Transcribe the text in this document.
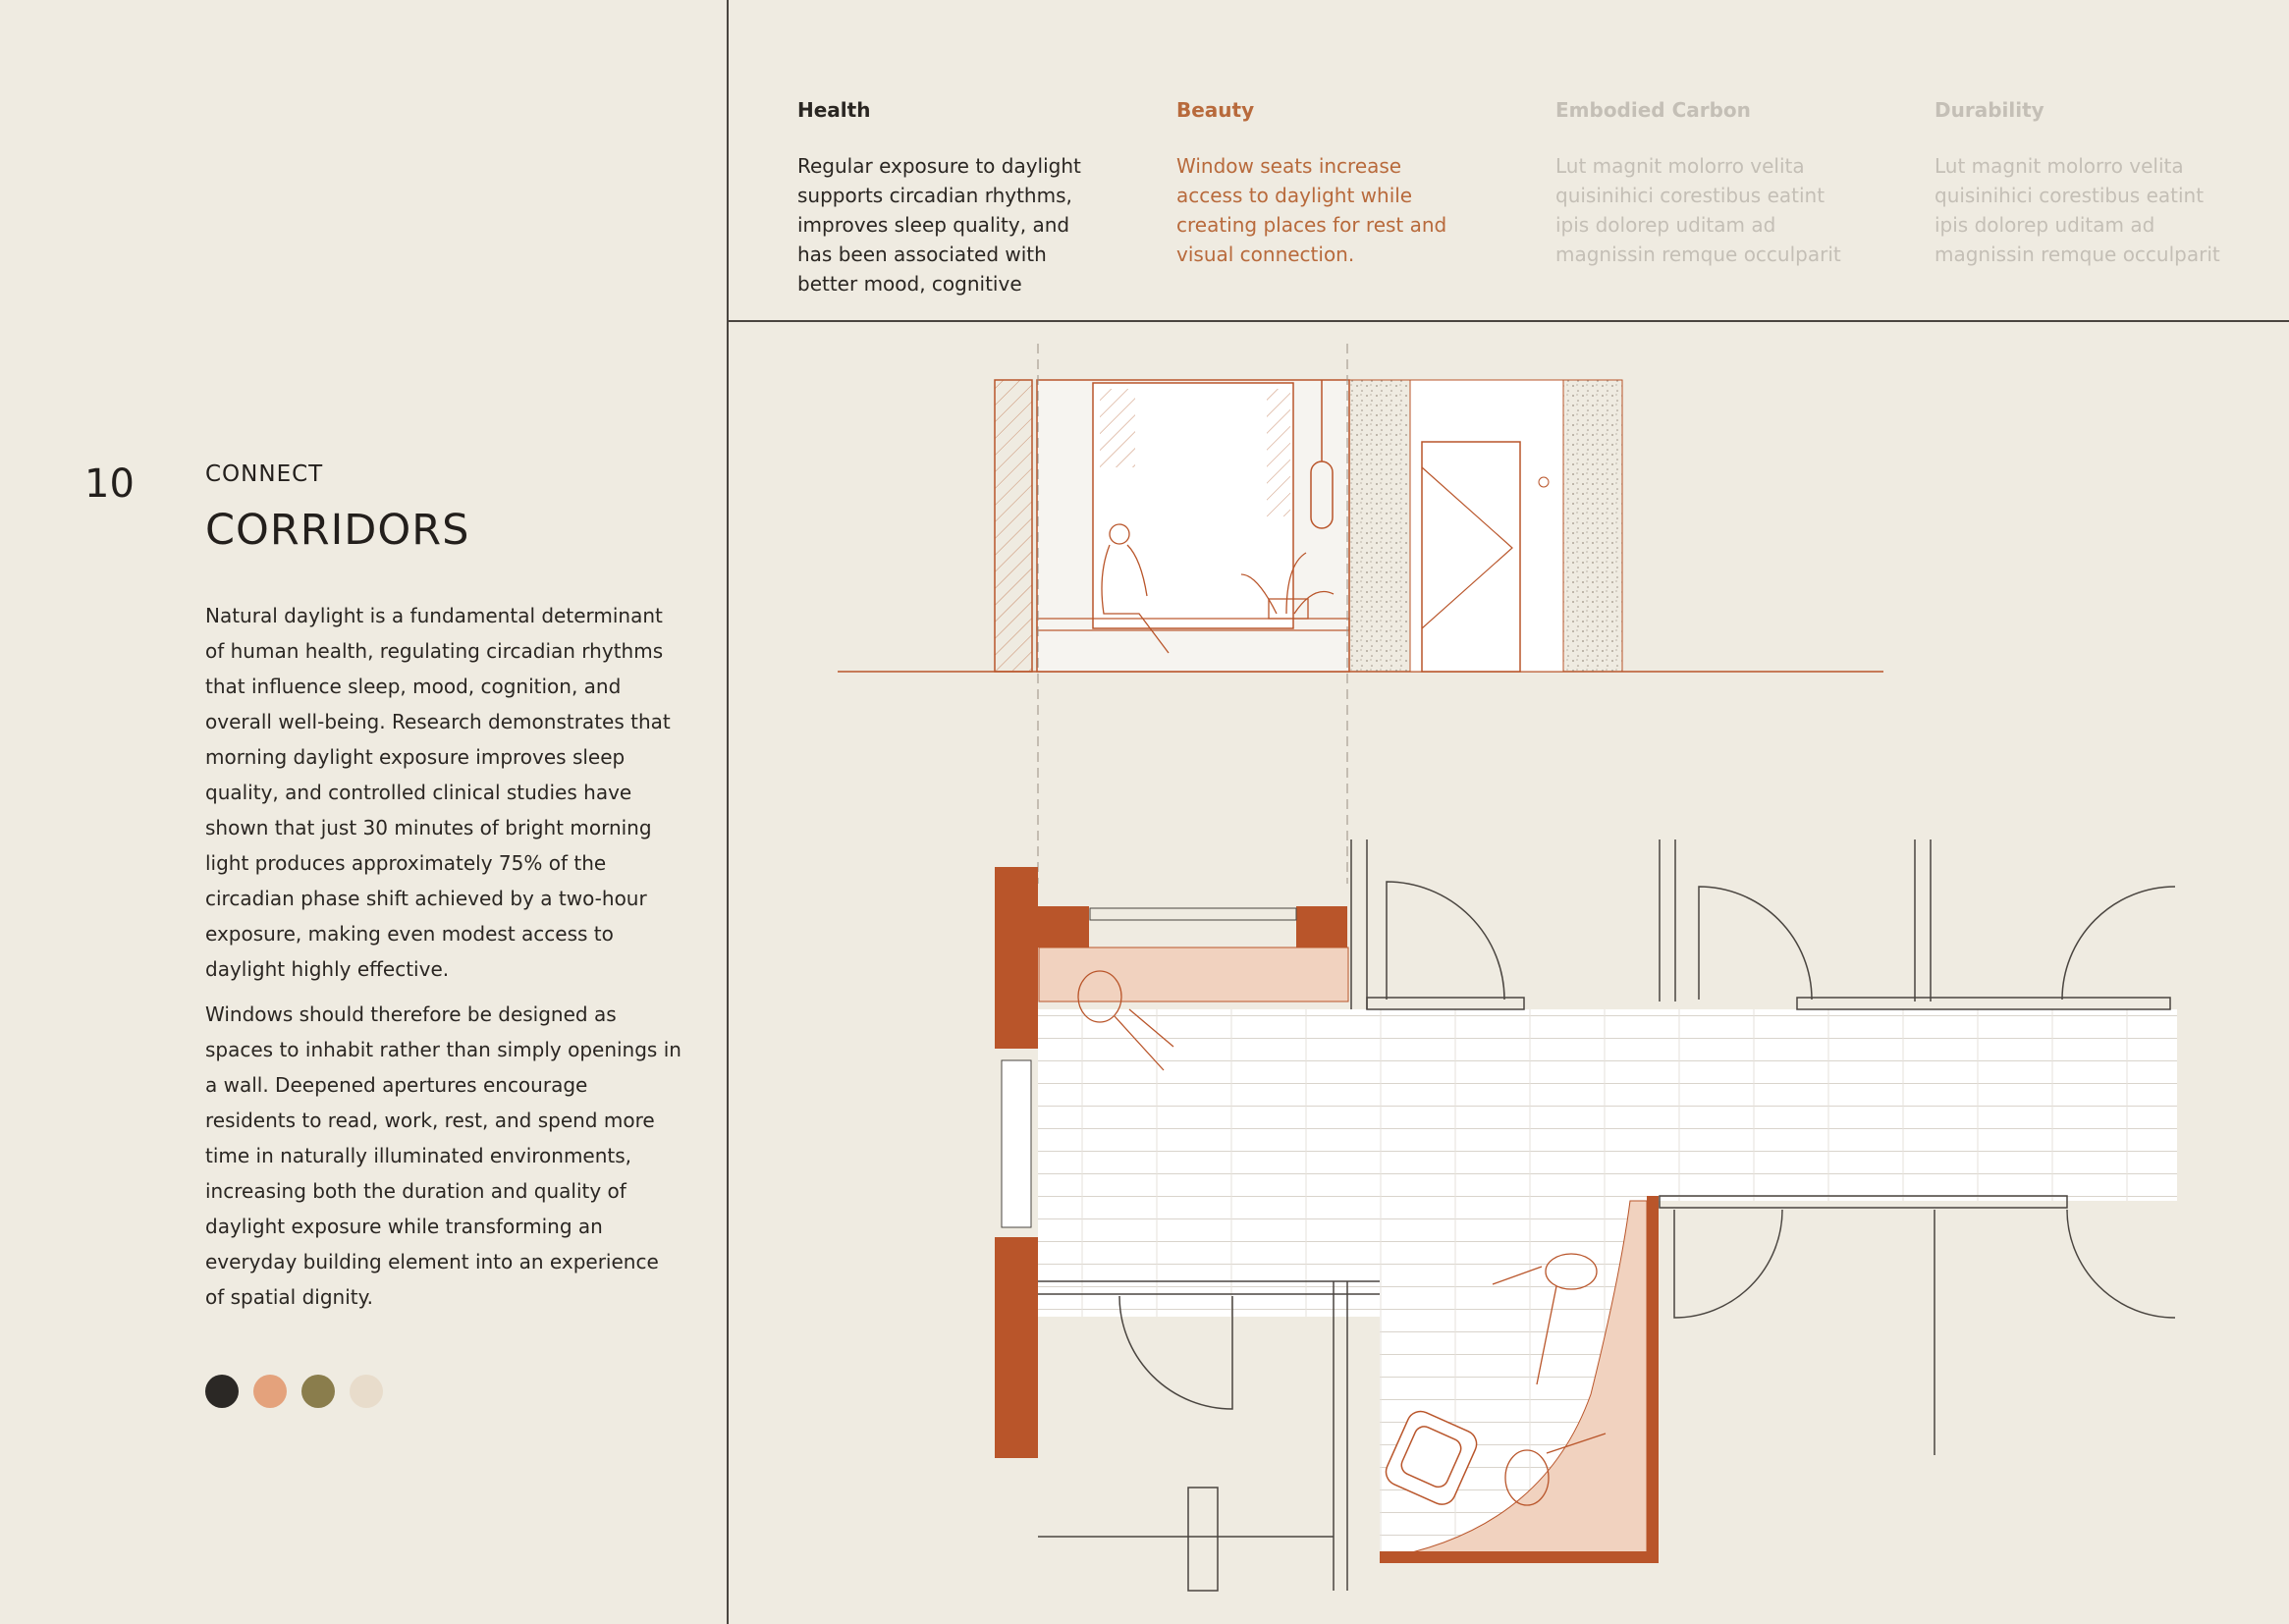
10	CONNECT
CORRIDORS

Natural daylight is a fundamental determinant of human health, regulating circadian rhythms that influence sleep, mood, cognition, and overall well-being. Research demonstrates that morning daylight exposure improves sleep quality, and controlled clinical studies have shown that just 30 minutes of bright morning light produces approximately 75% of the circadian phase shift achieved by a two-hour exposure, making even modest access to daylight highly effective.

Windows should therefore be designed as spaces to inhabit rather than simply openings in a wall. Deepened apertures encourage residents to read, work, rest, and spend more time in naturally illuminated environments, increasing both the duration and quality of daylight exposure while transforming an everyday building element into an experience of spatial dignity.

Health

Regular exposure to daylight supports circadian rhythms, improves sleep quality, and has been associated with better mood, cognitive

Beauty

Window seats increase access to daylight while creating places for rest and visual connection.

Embodied Carbon

Lut magnit molorro velita quisinihici corestibus eatint ipis dolorep uditam ad magnissin remque occulparit

Durability

Lut magnit molorro velita quisinihici corestibus eatint ipis dolorep uditam ad magnissin remque occulparit
